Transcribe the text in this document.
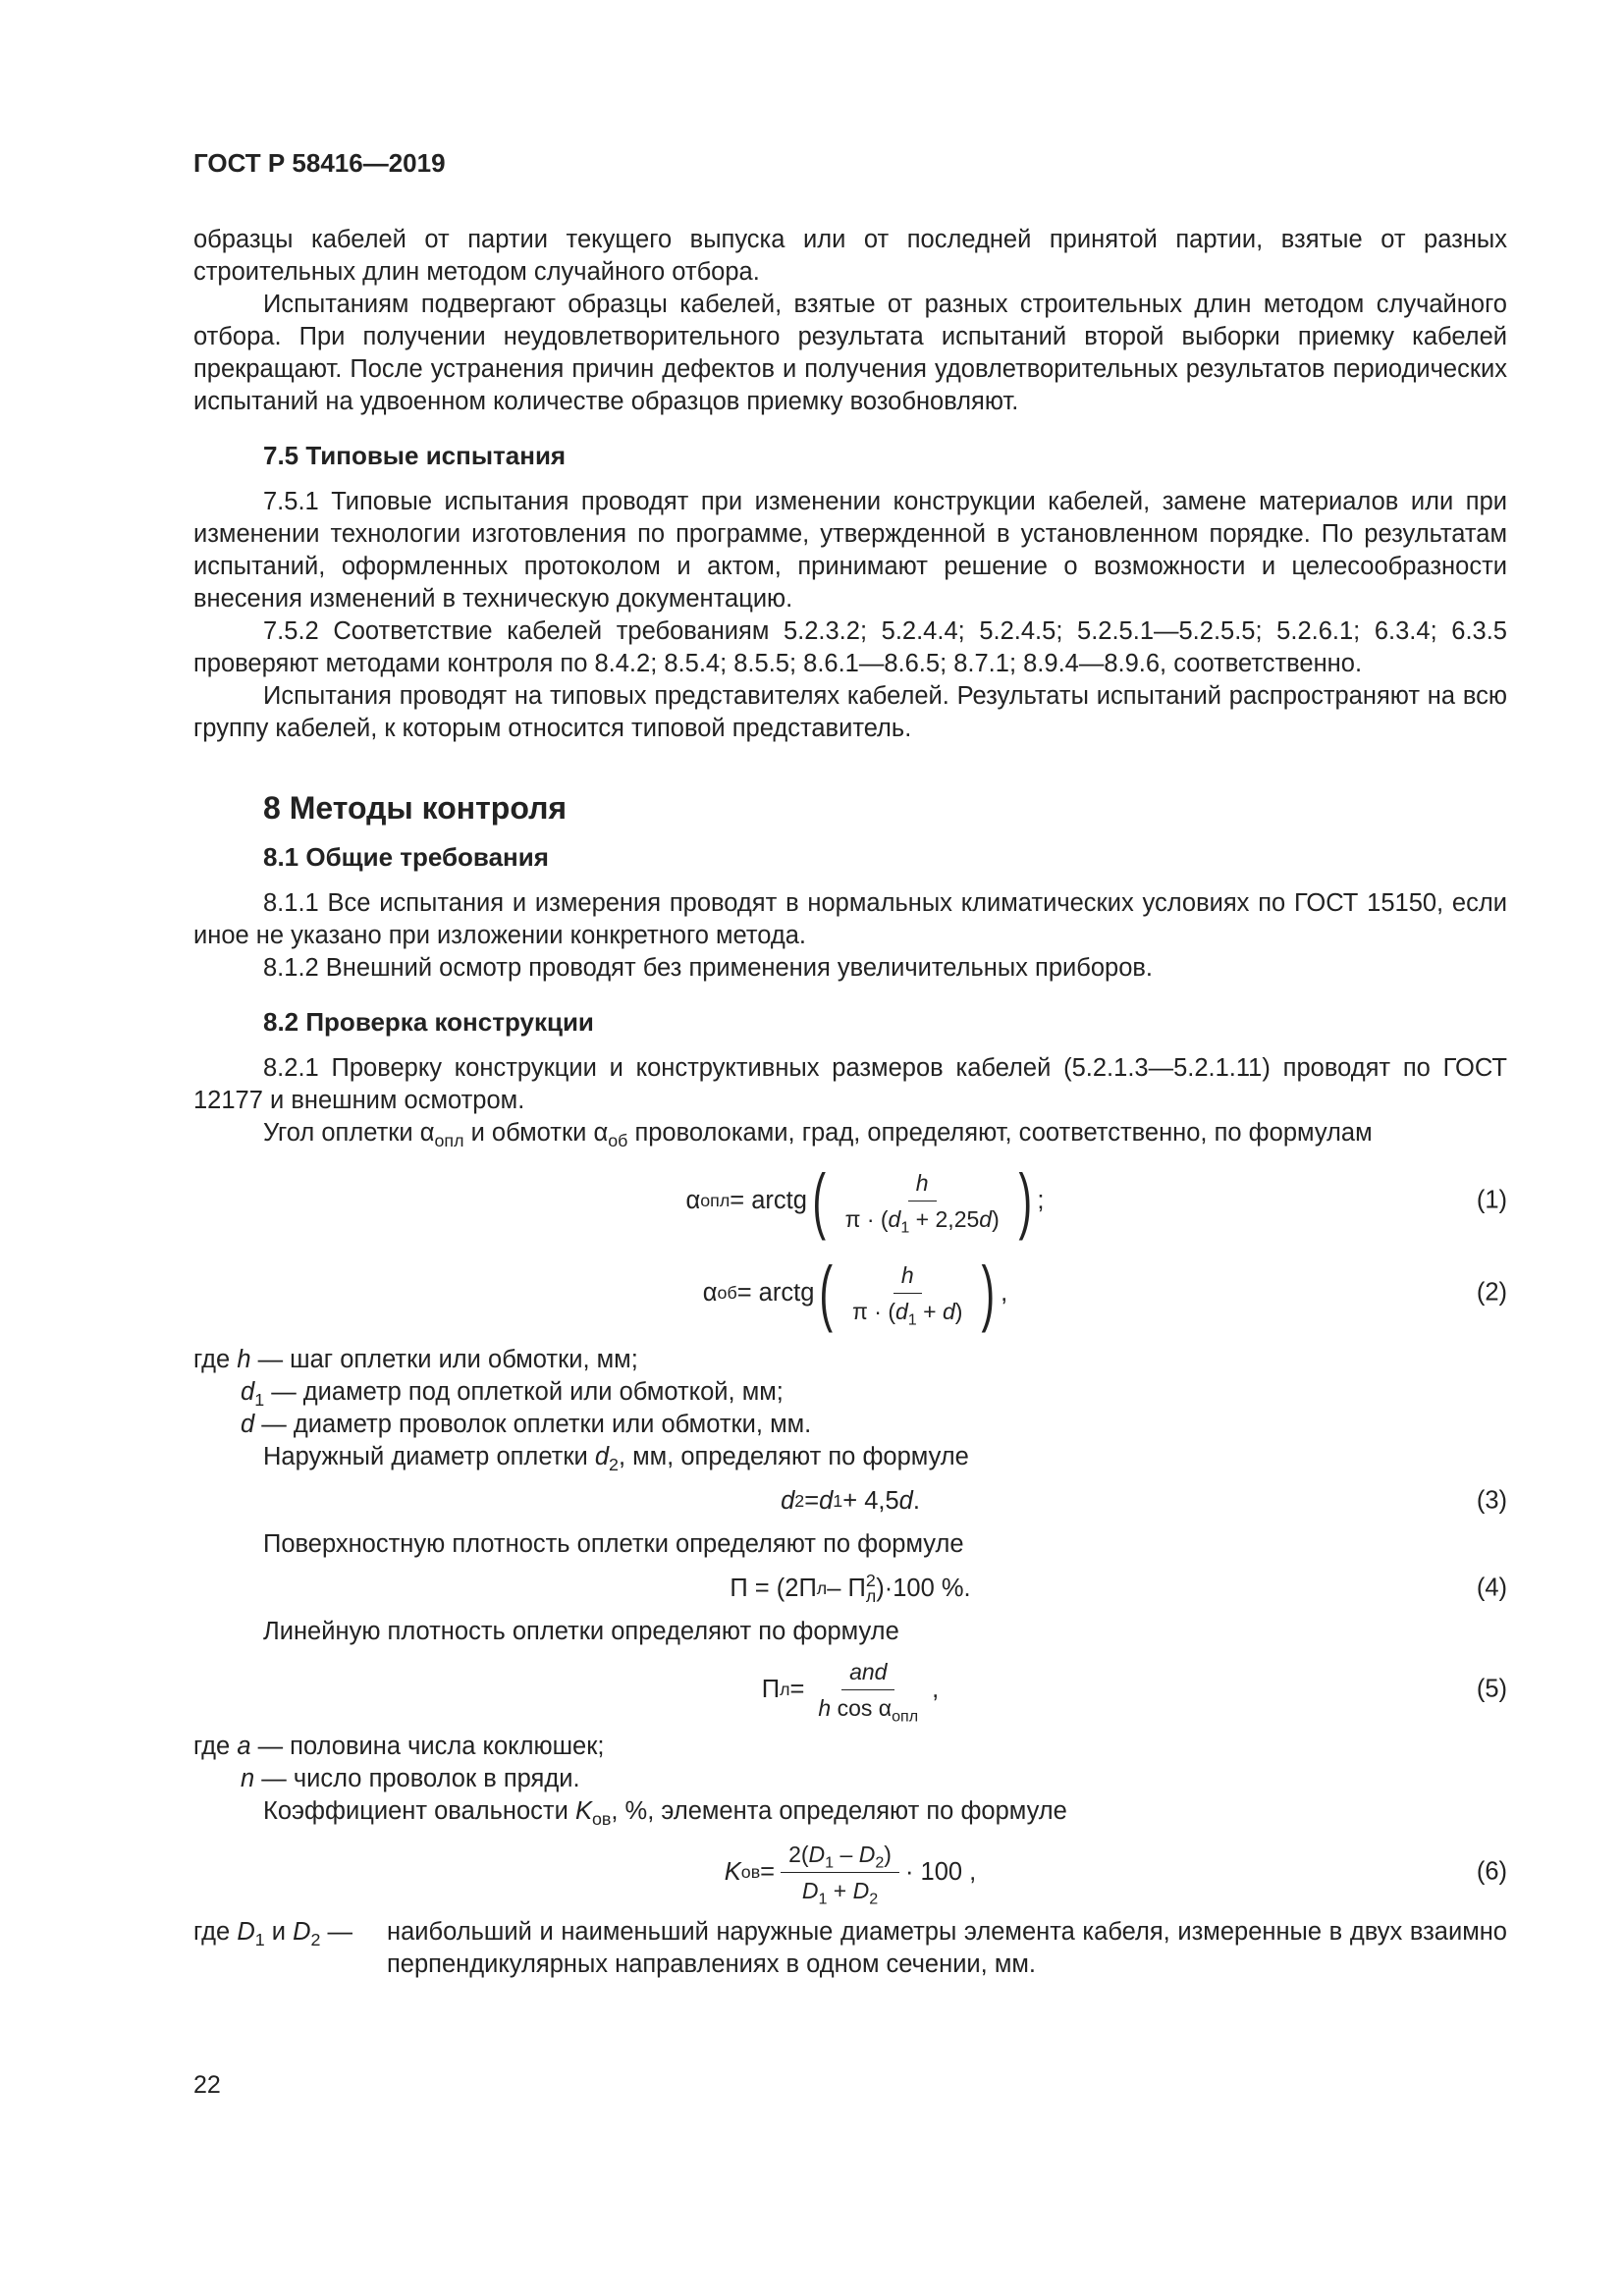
ГОСТ Р 58416—2019

образцы кабелей от партии текущего выпуска или от последней принятой партии, взятые от разных строительных длин методом случайного отбора.

Испытаниям подвергают образцы кабелей, взятые от разных строительных длин методом случайного отбора. При получении неудовлетворительного результата испытаний второй выборки приемку кабелей прекращают. После устранения причин дефектов и получения удовлетворительных результатов периодических испытаний на удвоенном количестве образцов приемку возобновляют.

7.5 Типовые испытания

7.5.1 Типовые испытания проводят при изменении конструкции кабелей, замене материалов или при изменении технологии изготовления по программе, утвержденной в установленном порядке. По результатам испытаний, оформленных протоколом и актом, принимают решение о возможности и целесообразности внесения изменений в техническую документацию.

7.5.2 Соответствие кабелей требованиям 5.2.3.2; 5.2.4.4; 5.2.4.5; 5.2.5.1—5.2.5.5; 5.2.6.1; 6.3.4; 6.3.5 проверяют методами контроля по 8.4.2; 8.5.4; 8.5.5; 8.6.1—8.6.5; 8.7.1; 8.9.4—8.9.6, соответственно.

Испытания проводят на типовых представителях кабелей. Результаты испытаний распространяют на всю группу кабелей, к которым относится типовой представитель.

8 Методы контроля
8.1 Общие требования

8.1.1 Все испытания и измерения проводят в нормальных климатических условиях по ГОСТ 15150, если иное не указано при изложении конкретного метода.

8.1.2 Внешний осмотр проводят без применения увеличительных приборов.

8.2 Проверка конструкции

8.2.1 Проверку конструкции и конструктивных размеров кабелей (5.2.1.3—5.2.1.11) проводят по ГОСТ 12177 и внешним осмотром.

Угол оплетки $\alpha_{опл}$ и обмотки $\alpha_{об}$ проволоками, град, определяют, соответственно, по формулам

α опл = arctg ( $\frac{h}{\pi \cdot (d_1 + 2,25d)}$ ) ;	(1)
α об = arctg ( $\frac{h}{\pi \cdot (d_1 + d)}$ ) ,	(2)
где h — шаг оплетки или обмотки, мм;
$d_1$ — диаметр под оплеткой или обмоткой, мм;
d — диаметр проволок оплетки или обмотки, мм.

Наружный диаметр оплетки $d_2$, мм, определяют по формуле

d 2 = d 1 + 4,5 d .	(3)

Поверхностную плотность оплетки определяют по формуле

П = (2П л – П 2
л )·100 %.	(4)

Линейную плотность оплетки определяют по формуле

П $л = \frac{\text{and}}{h \cos \alpha_{опл}}$ ,	(5)
где a — половина числа коклюшек;
n — число проволок в пряди.

Коэффициент овальности $K_{ов}$, %, элемента определяют по формуле

K ов = $\frac{2(D_1 - D_2)}{D_1 + D_2} \cdot 100$ ,	(6)
где $D_1$ и $D_2$ —	наибольший и наименьший наружные диаметры элемента кабеля, измеренные в двух взаимно перпендикулярных направлениях в одном сечении, мм.
22
